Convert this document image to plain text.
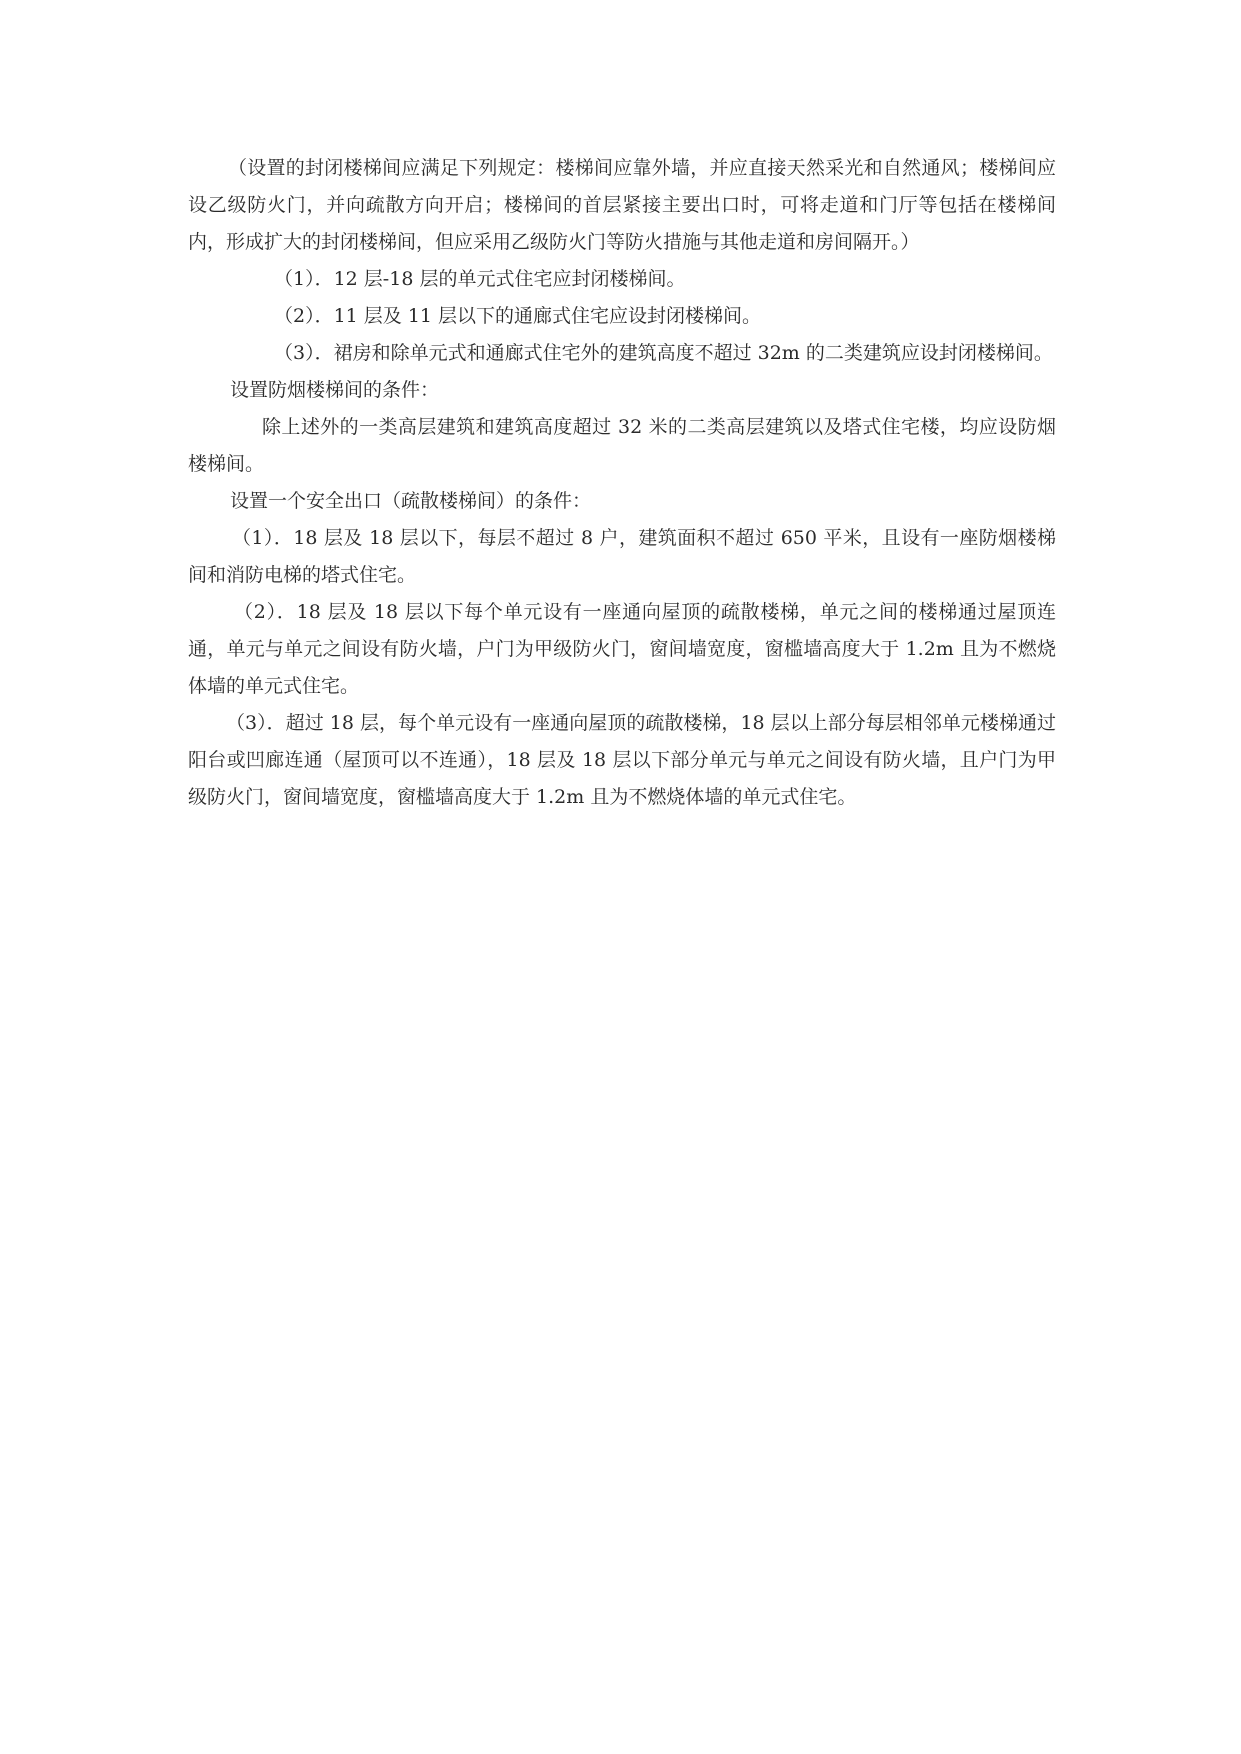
（设置的封闭楼梯间应满足下列规定：楼梯间应靠外墙，并应直接天然采光和自然通风；楼梯间应设乙级防火门，并向疏散方向开启；楼梯间的首层紧接主要出口时，可将走道和门厅等包括在楼梯间内，形成扩大的封闭楼梯间，但应采用乙级防火门等防火措施与其他走道和房间隔开。）

（1）．12 层-18 层的单元式住宅应封闭楼梯间。

（2）．11 层及 11 层以下的通廊式住宅应设封闭楼梯间。

（3）．裙房和除单元式和通廊式住宅外的建筑高度不超过 32m 的二类建筑应设封闭楼梯间。

设置防烟楼梯间的条件：

除上述外的一类高层建筑和建筑高度超过 32 米的二类高层建筑以及塔式住宅楼，均应设防烟楼梯间。

设置一个安全出口（疏散楼梯间）的条件：

（1）．18 层及 18 层以下，每层不超过 8 户，建筑面积不超过 650 平米，且设有一座防烟楼梯间和消防电梯的塔式住宅。

（2）．18 层及 18 层以下每个单元设有一座通向屋顶的疏散楼梯，单元之间的楼梯通过屋顶连通，单元与单元之间设有防火墙，户门为甲级防火门，窗间墙宽度，窗槛墙高度大于 1.2m 且为不燃烧体墙的单元式住宅。

（3）．超过 18 层，每个单元设有一座通向屋顶的疏散楼梯，18 层以上部分每层相邻单元楼梯通过阳台或凹廊连通（屋顶可以不连通），18 层及 18 层以下部分单元与单元之间设有防火墙，且户门为甲级防火门，窗间墙宽度，窗槛墙高度大于 1.2m 且为不燃烧体墙的单元式住宅。
